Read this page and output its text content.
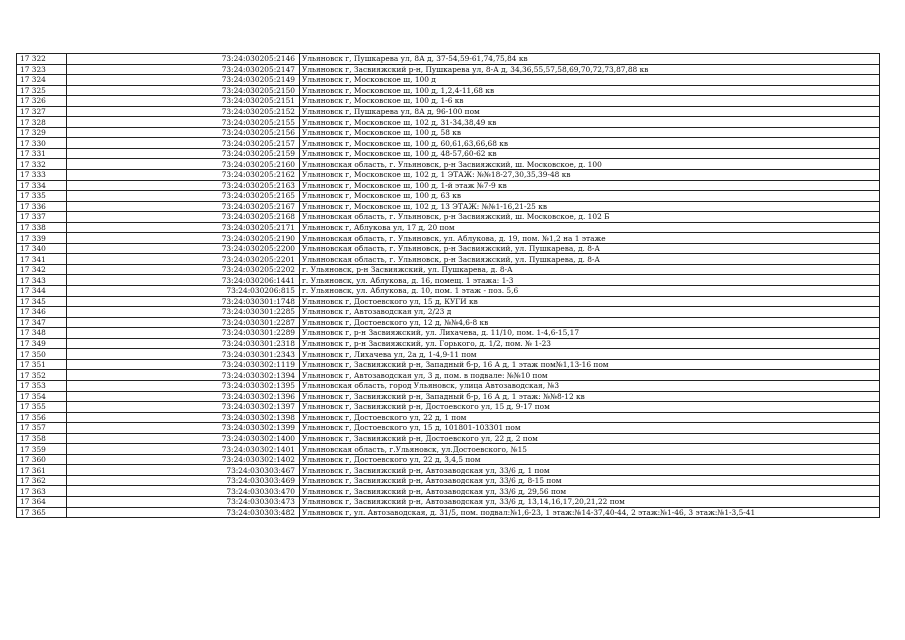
17 322	73:24:030205:2146	Ульяновск г, Пушкарева ул, 8А д, 37-54,59-61,74,75,84 кв
17 323	73:24:030205:2147	Ульяновск г, Засвияжский р-н, Пушкарева ул, 8-А д, 34,36,55,57,58,69,70,72,73,87,88 кв
17 324	73:24:030205:2149	Ульяновск г, Московское ш, 100 д
17 325	73:24:030205:2150	Ульяновск г, Московское ш, 100 д, 1,2,4-11,68 кв
17 326	73:24:030205:2151	Ульяновск г, Московское ш, 100 д, 1-6 кв
17 327	73:24:030205:2152	Ульяновск г, Пушкарева ул, 8А д, 96-100 пом
17 328	73:24:030205:2155	Ульяновск г, Московское ш, 102 д, 31-34,38,49 кв
17 329	73:24:030205:2156	Ульяновск г, Московское ш, 100 д, 58 кв
17 330	73:24:030205:2157	Ульяновск г, Московское ш, 100 д, 60,61,63,66,68 кв
17 331	73:24:030205:2159	Ульяновск г, Московское ш, 100 д, 48-57,60-62 кв
17 332	73:24:030205:2160	Ульяновская область, г. Ульяновск, р-н Засвияжский, ш. Московское, д. 100
17 333	73:24:030205:2162	Ульяновск г, Московское ш, 102 д, 1 ЭТАЖ: №№18-27,30,35,39-48 кв
17 334	73:24:030205:2163	Ульяновск г, Московское ш, 100 д, 1-й этаж №7-9 кв
17 335	73:24:030205:2165	Ульяновск г, Московское ш, 100 д, 63 кв
17 336	73:24:030205:2167	Ульяновск г, Московское ш, 102 д, 13 ЭТАЖ: №№1-16,21-25 кв
17 337	73:24:030205:2168	Ульяновская область, г. Ульяновск, р-н Засвияжский, ш. Московское, д. 102 Б
17 338	73:24:030205:2171	Ульяновск г, Аблукова ул, 17 д, 20 пом
17 339	73:24:030205:2190	Ульяновская область, г. Ульяновск, ул. Аблукова, д. 19, пом. №1,2 на 1 этаже
17 340	73:24:030205:2200	Ульяновская область, г. Ульяновск, р-н Засвияжский, ул. Пушкарева, д. 8-А
17 341	73:24:030205:2201	Ульяновская область, г. Ульяновск, р-н Засвияжский, ул. Пушкарева, д. 8-А
17 342	73:24:030205:2202	г. Ульяновск, р-н Засвияжский, ул. Пушкарева, д. 8-А
17 343	73:24:030206:1441	г. Ульяновск, ул. Аблукова, д. 16, помещ. 1 этажа: 1-3
17 344	73:24:030206:815	г. Ульяновск, ул. Аблукова, д. 10, пом. 1 этаж - поз. 5,6
17 345	73:24:030301:1748	Ульяновск г, Достоевского ул, 15 д, КУГИ кв
17 346	73:24:030301:2285	Ульяновск г, Автозаводская ул, 2/23 д
17 347	73:24:030301:2287	Ульяновск г, Достоевского ул, 12 д, №№4,6-8 кв
17 348	73:24:030301:2289	Ульяновск г, р-н Засвияжский, ул. Лихачева, д. 11/10, пом. 1-4,6-15,17
17 349	73:24:030301:2318	Ульяновск г, р-н Засвияжский, ул. Горького, д. 1/2, пом. № 1-23
17 350	73:24:030301:2343	Ульяновск г, Лихачева ул, 2а д, 1-4,9-11 пом
17 351	73:24:030302:1119	Ульяновск г, Засвияжский р-н, Западный б-р, 16 А д, 1 этаж пом№1,13-16 пом
17 352	73:24:030302:1394	Ульяновск г, Автозаводская ул, 3 д, пом. в подвале: №№10 пом
17 353	73:24:030302:1395	Ульяновская область, город Ульяновск, улица Автозаводская, №3
17 354	73:24:030302:1396	Ульяновск г, Засвияжский р-н, Западный б-р, 16 А д, 1 этаж: №№8-12 кв
17 355	73:24:030302:1397	Ульяновск г, Засвияжский р-н, Достоевского ул, 15 д, 9-17 пом
17 356	73:24:030302:1398	Ульяновск г, Достоевского ул, 22 д, 1 пом
17 357	73:24:030302:1399	Ульяновск г, Достоевского ул, 15 д, 101801-103301 пом
17 358	73:24:030302:1400	Ульяновск г, Засвияжский р-н, Достоевского ул, 22 д, 2 пом
17 359	73:24:030302:1401	Ульяновская область, г.Ульяновск, ул.Достоевского, №15
17 360	73:24:030302:1402	Ульяновск г, Достоевского ул, 22 д, 3,4,5 пом
17 361	73:24:030303:467	Ульяновск г, Засвияжский р-н, Автозаводская ул, 33/6 д, 1 пом
17 362	73:24:030303:469	Ульяновск г, Засвияжский р-н, Автозаводская ул, 33/6 д, 8-15 пом
17 363	73:24:030303:470	Ульяновск г, Засвияжский р-н, Автозаводская ул, 33/6 д, 29,56 пом
17 364	73:24:030303:473	Ульяновск г, Засвияжский р-н, Автозаводская ул, 33/6 д, 13,14,16,17,20,21,22 пом
17 365	73:24:030303:482	Ульяновск г, ул. Автозаводская, д. 31/5, пом. подвал:№1,6-23, 1 этаж:№14-37,40-44, 2 этаж:№1-46, 3 этаж:№1-3,5-41
